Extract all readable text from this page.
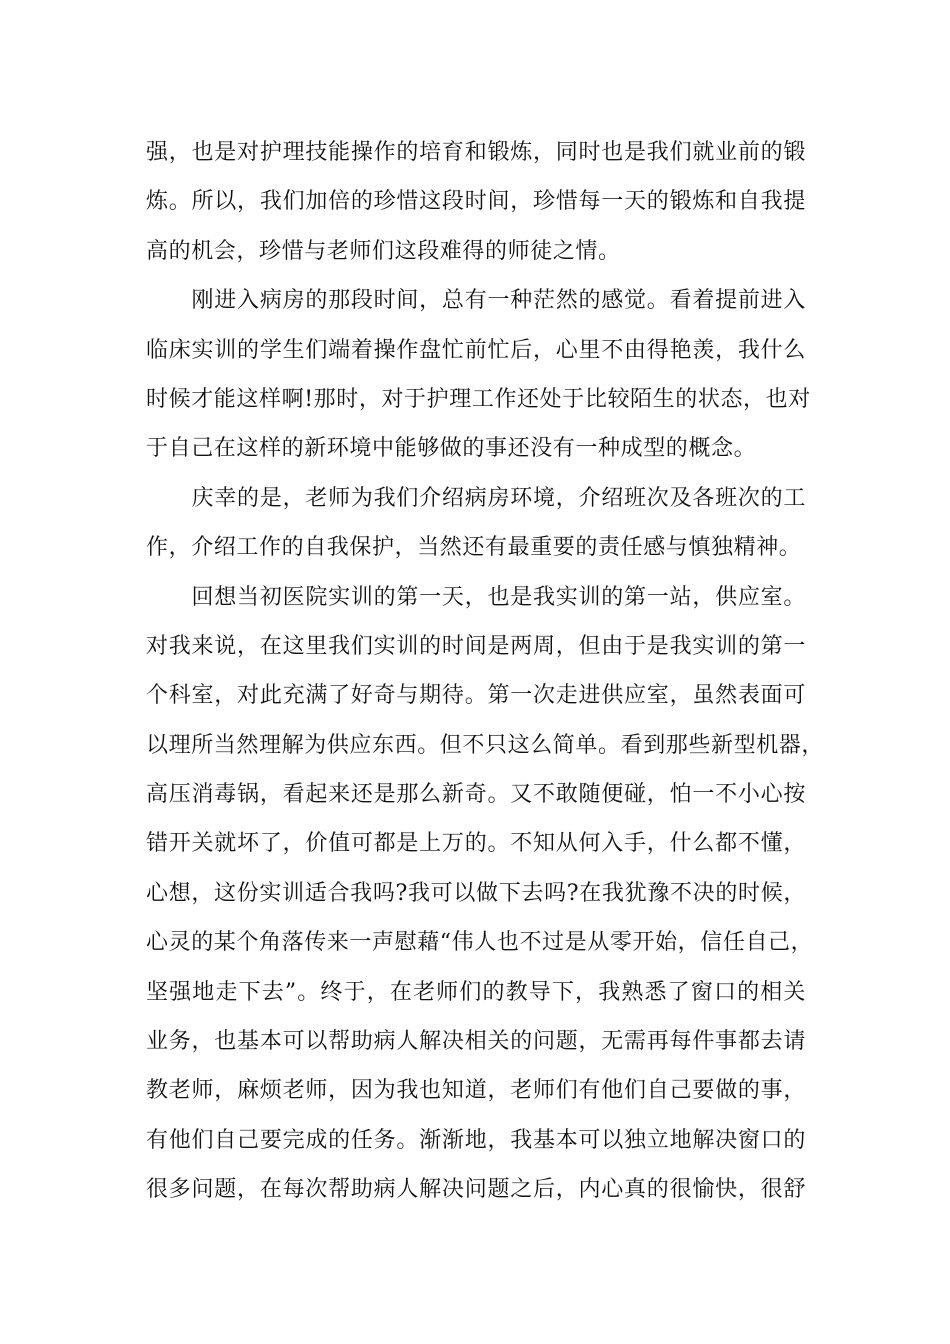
强，也是对护理技能操作的培育和锻炼，同时也是我们就业前的锻
炼。所以，我们加倍的珍惜这段时间，珍惜每一天的锻炼和自我提
高的机会，珍惜与老师们这段难得的师徒之情。
　　刚进入病房的那段时间，总有一种茫然的感觉。看着提前进入
临床实训的学生们端着操作盘忙前忙后，心里不由得艳羡，我什么
时候才能这样啊!那时，对于护理工作还处于比较陌生的状态，也对
于自己在这样的新环境中能够做的事还没有一种成型的概念。
　　庆幸的是，老师为我们介绍病房环境，介绍班次及各班次的工
作，介绍工作的自我保护，当然还有最重要的责任感与慎独精神。
　　回想当初医院实训的第一天，也是我实训的第一站，供应室。
对我来说，在这里我们实训的时间是两周，但由于是我实训的第一
个科室，对此充满了好奇与期待。第一次走进供应室，虽然表面可
以理所当然理解为供应东西。但不只这么简单。看到那些新型机器，
高压消毒锅，看起来还是那么新奇。又不敢随便碰，怕一不小心按
错开关就坏了，价值可都是上万的。不知从何入手，什么都不懂，
心想，这份实训适合我吗?我可以做下去吗?在我犹豫不决的时候，
心灵的某个角落传来一声慰藉“伟人也不过是从零开始，信任自己，
坚强地走下去”。终于，在老师们的教导下，我熟悉了窗口的相关
业务，也基本可以帮助病人解决相关的问题，无需再每件事都去请
教老师，麻烦老师，因为我也知道，老师们有他们自己要做的事，
有他们自己要完成的任务。渐渐地，我基本可以独立地解决窗口的
很多问题，在每次帮助病人解决问题之后，内心真的很愉快，很舒
